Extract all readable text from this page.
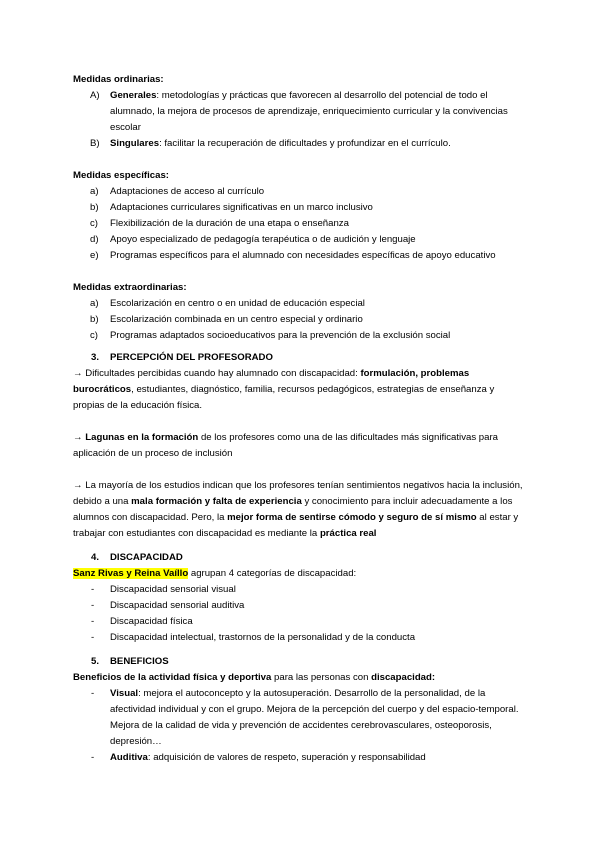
Medidas ordinarias:
A) Generales: metodologías y prácticas que favorecen al desarrollo del potencial de todo el alumnado, la mejora de procesos de aprendizaje, enriquecimiento curricular y la convivencias escolar
B) Singulares: facilitar la recuperación de dificultades y profundizar en el currículo.
Medidas específicas:
a) Adaptaciones de acceso al currículo
b) Adaptaciones curriculares significativas en un marco inclusivo
c) Flexibilización de la duración de una etapa o enseñanza
d) Apoyo especializado de pedagogía terapéutica o de audición y lenguaje
e) Programas específicos para el alumnado con necesidades específicas de apoyo educativo
Medidas extraordinarias:
a) Escolarización en centro o en unidad de educación especial
b) Escolarización combinada en un centro especial y ordinario
c) Programas adaptados socioeducativos para la prevención de la exclusión social
3. PERCEPCIÓN DEL PROFESORADO
→ Dificultades percibidas cuando hay alumnado con discapacidad: formulación, problemas burocráticos, estudiantes, diagnóstico, familia, recursos pedagógicos, estrategias de enseñanza y propias de la educación física.
→ Lagunas en la formación de los profesores como una de las dificultades más significativas para aplicación de un proceso de inclusión
→ La mayoría de los estudios indican que los profesores tenían sentimientos negativos hacia la inclusión, debido a una mala formación y falta de experiencia y conocimiento para incluir adecuadamente a los alumnos con discapacidad. Pero, la mejor forma de sentirse cómodo y seguro de sí mismo al estar y trabajar con estudiantes con discapacidad es mediante la práctica real
4. DISCAPACIDAD
Sanz Rivas y Reina Vaíllo agrupan 4 categorías de discapacidad:
- Discapacidad sensorial visual
- Discapacidad sensorial auditiva
- Discapacidad física
- Discapacidad intelectual, trastornos de la personalidad y de la conducta
5. BENEFICIOS
Beneficios de la actividad física y deportiva para las personas con discapacidad:
- Visual: mejora el autoconcepto y la autosuperación. Desarrollo de la personalidad, de la afectividad individual y con el grupo. Mejora de la percepción del cuerpo y del espacio-temporal. Mejora de la calidad de vida y prevención de accidentes cerebrovasculares, osteoporosis, depresión…
- Auditiva: adquisición de valores de respeto, superación y responsabilidad
